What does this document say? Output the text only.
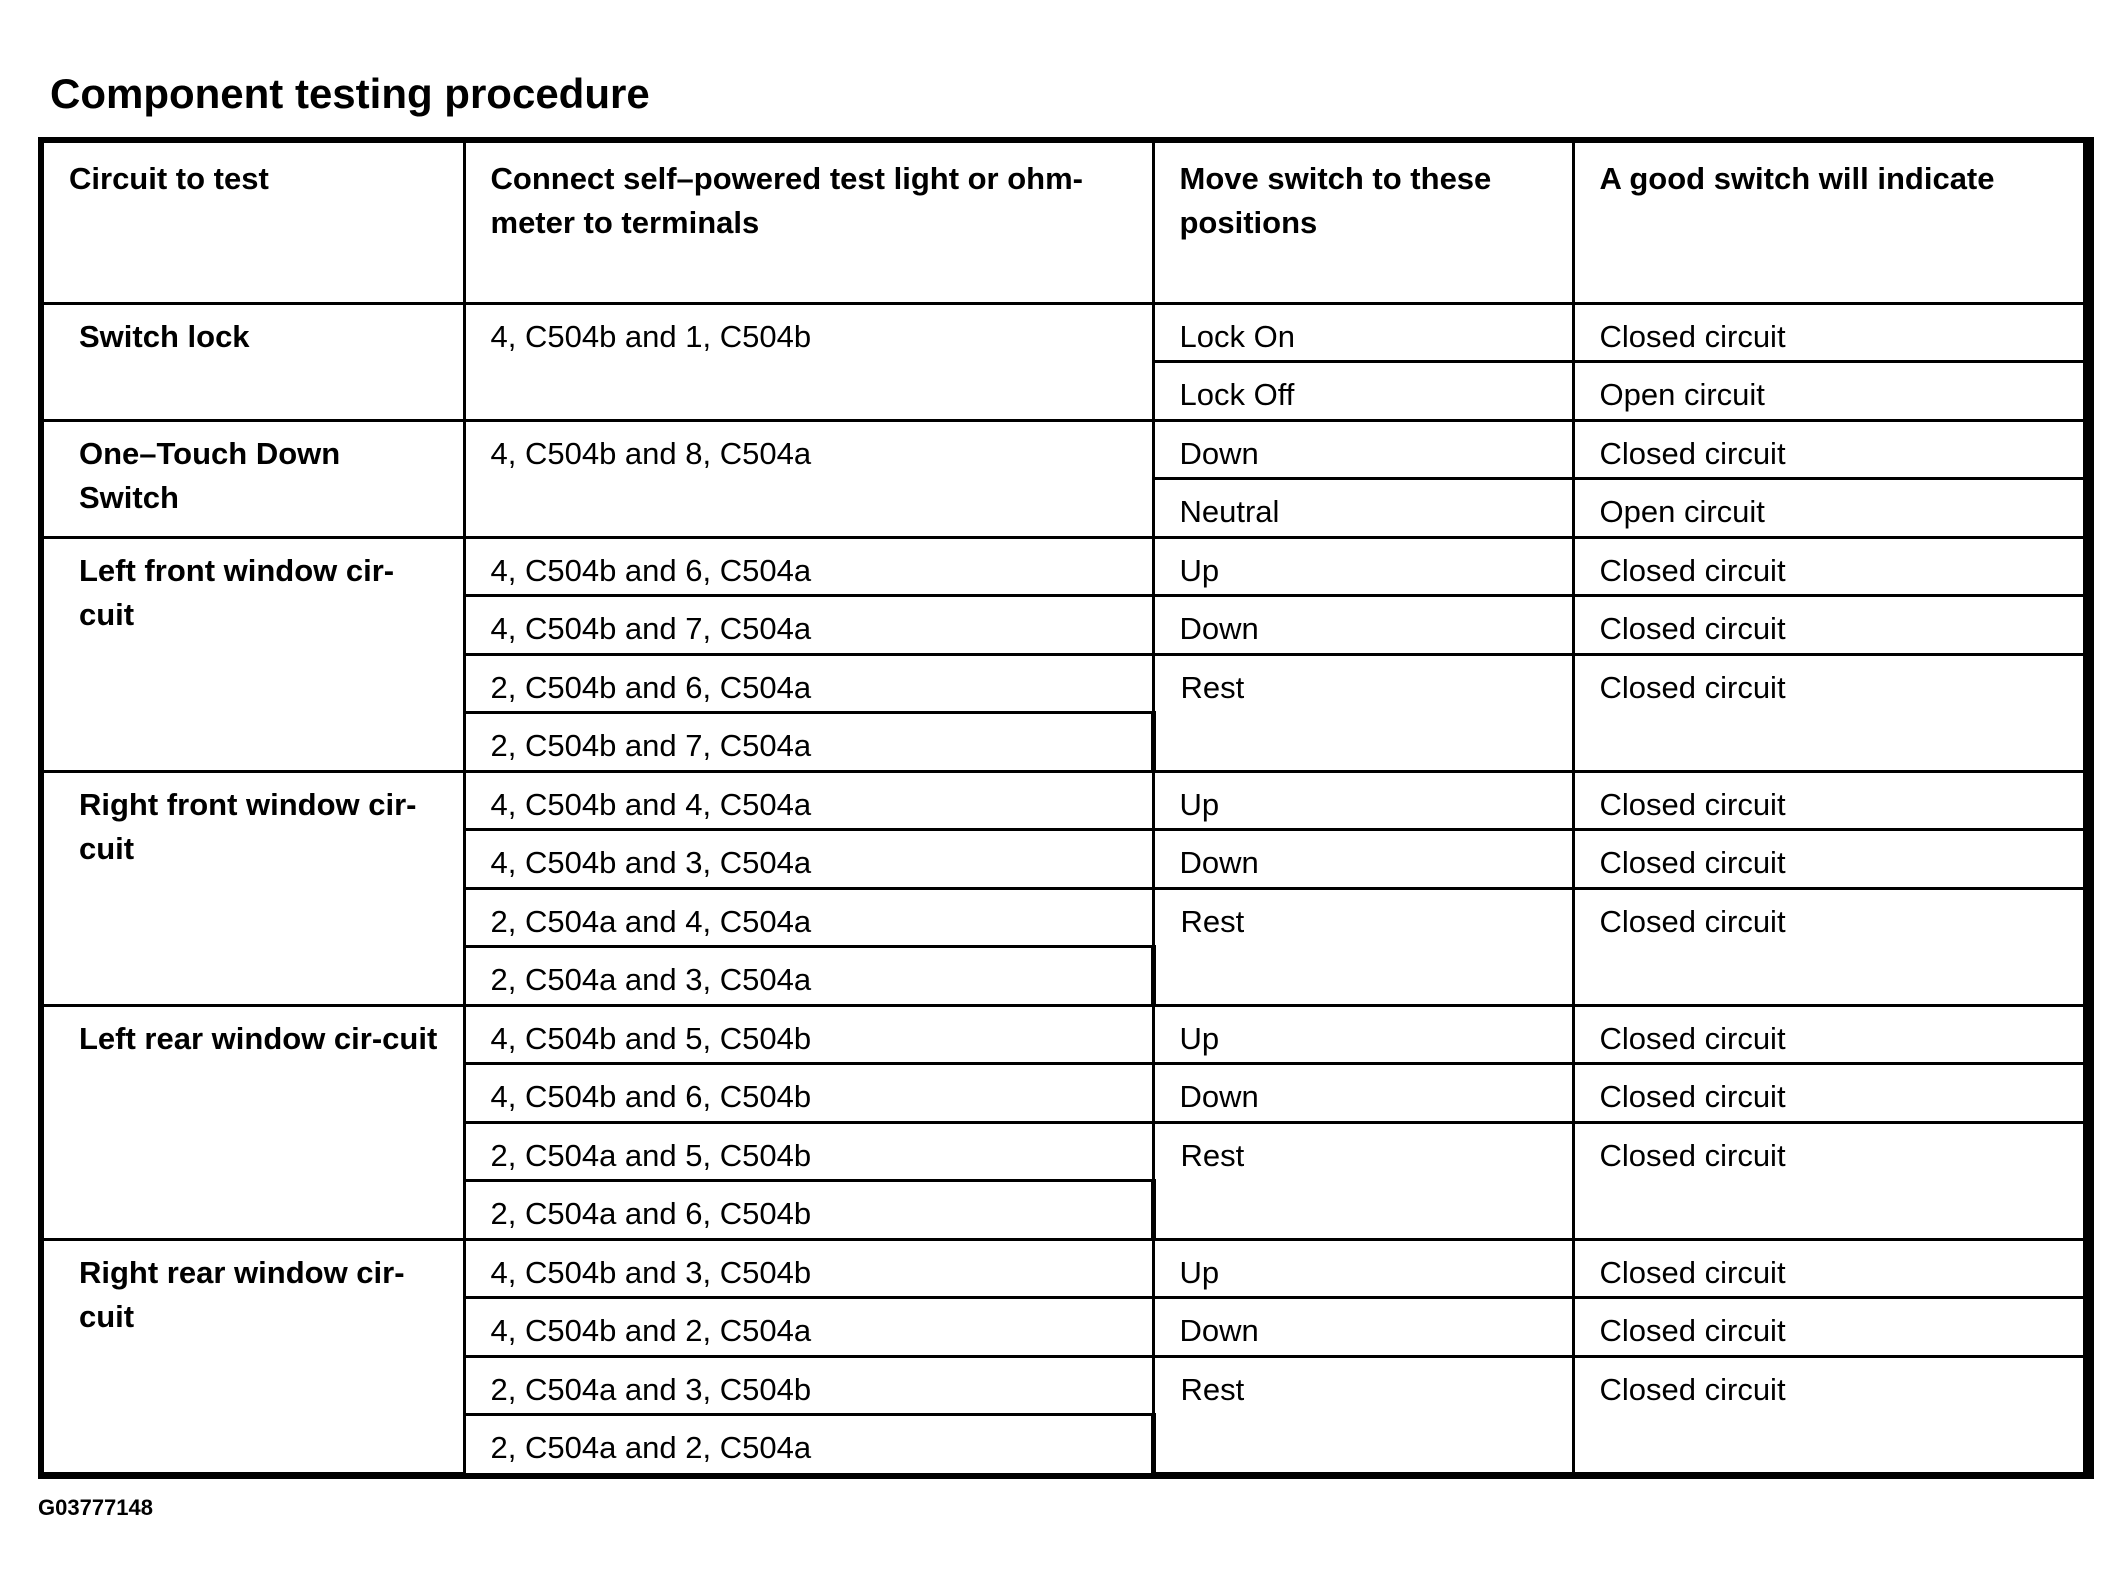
Component testing procedure
Circuit to test	Connect self–powered test light or ohm-meter to terminals	Move switch to these positions	A good switch will indicate
Switch lock	4, C504b and 1, C504b	Lock On	Closed circuit
		Lock Off	Open circuit
One–Touch Down Switch	4, C504b and 8, C504a	Down	Closed circuit
		Neutral	Open circuit
Left front window cir-cuit	4, C504b and 6, C504a	Up	Closed circuit
	4, C504b and 7, C504a	Down	Closed circuit
	2, C504b and 6, C504a	Rest	Closed circuit
	2, C504b and 7, C504a		
Right front window cir-cuit	4, C504b and 4, C504a	Up	Closed circuit
	4, C504b and 3, C504a	Down	Closed circuit
	2, C504a and 4, C504a	Rest	Closed circuit
	2, C504a and 3, C504a		
Left rear window cir-cuit	4, C504b and 5, C504b	Up	Closed circuit
	4, C504b and 6, C504b	Down	Closed circuit
	2, C504a and 5, C504b	Rest	Closed circuit
	2, C504a and 6, C504b		
Right rear window cir-cuit	4, C504b and 3, C504b	Up	Closed circuit
	4, C504b and 2, C504a	Down	Closed circuit
	2, C504a and 3, C504b	Rest	Closed circuit
	2, C504a and 2, C504a		
G03777148
